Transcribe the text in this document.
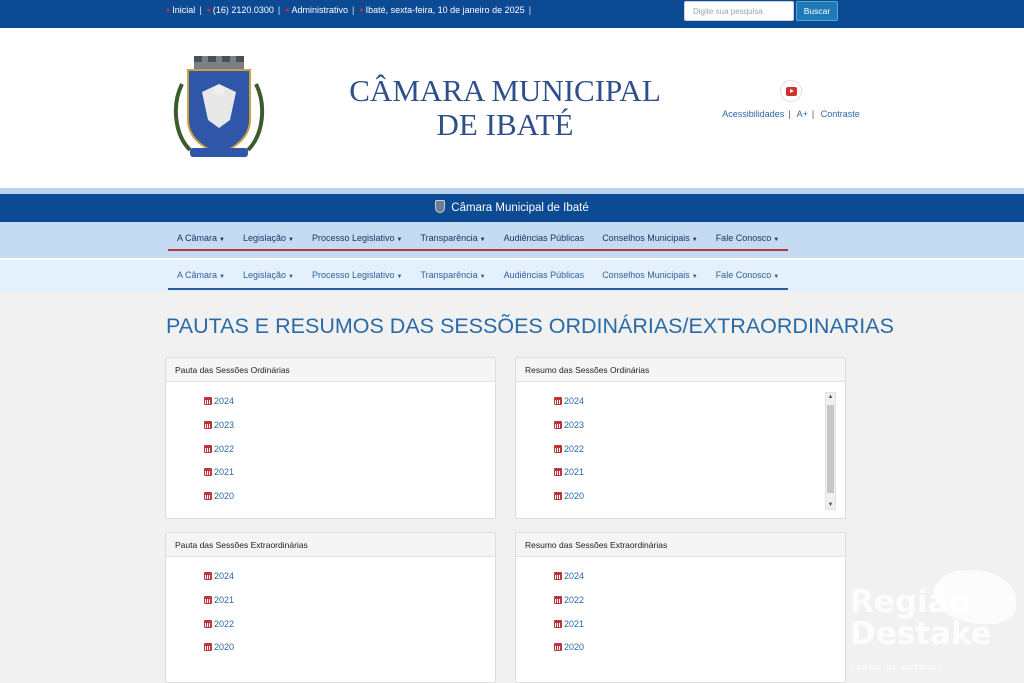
● Inicial | ● (16) 2120.0300 | ● Administrativo | ● Ibaté, sexta-feira, 10 de janeiro de 2025 |	Digite sua pesquisa	Buscar
CÂMARA MUNICIPAL
DE IBATÉ	Acessibilidades | A+ | Contraste
Câmara Municipal de Ibaté
A Câmara ▼	Legislação ▼	Processo Legislativo ▼	Transparência ▼	Audiências Públicas	Conselhos Municipais ▼	Fale Conosco ▼
A Câmara ▼	Legislação ▼	Processo Legislativo ▼	Transparência ▼	Audiências Públicas	Conselhos Municipais ▼	Fale Conosco ▼
PAUTAS E RESUMOS DAS SESSÕES ORDINÁRIAS/EXTRAORDINARIAS
Pauta das Sessões Ordinárias
2024
2023
2022
2021
2020
Resumo das Sessões Ordinárias
2024
2023
2022
2021
2020
▲
▼
Pauta das Sessões Extraordinárias
2024
2021
2022
2020
Resumo das Sessões Extraordinárias
2024
2022
2021
2020
Região
Destake
PORTAL DE NOTÍCIAS
